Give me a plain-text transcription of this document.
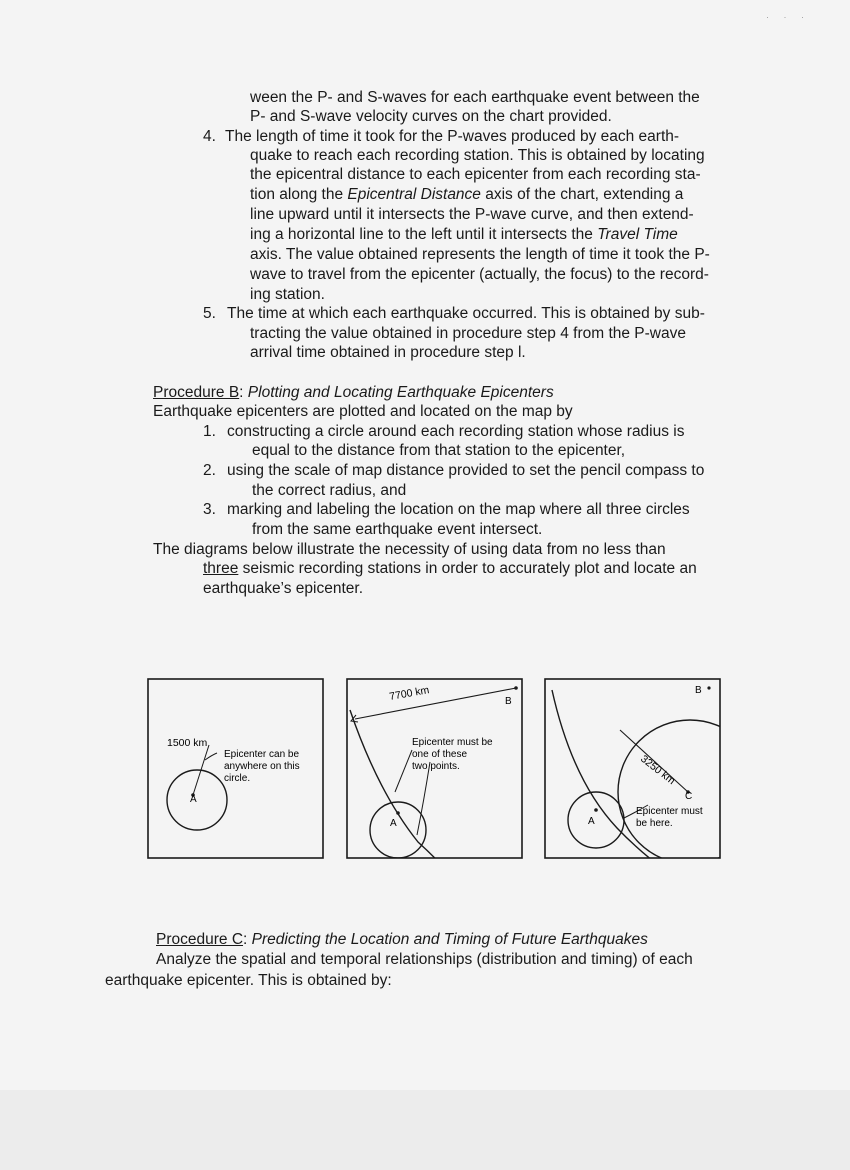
· · ·
ween the P- and S-waves for each earthquake event between the
P- and S-wave velocity curves on the chart provided.
4. The length of time it took for the P-waves produced by each earth-
quake to reach each recording station. This is obtained by locating
the epicentral distance to each epicenter from each recording sta-
tion along the Epicentral Distance axis of the chart, extending a
line upward until it intersects the P-wave curve, and then extend-
ing a horizontal line to the left until it intersects the Travel Time
axis. The value obtained represents the length of time it took the P-
wave to travel from the epicenter (actually, the focus) to the record-
ing station.
5. The time at which each earthquake occurred. This is obtained by sub-
tracting the value obtained in procedure step 4 from the P-wave
arrival time obtained in procedure step l.
Procedure B: Plotting and Locating Earthquake Epicenters
Earthquake epicenters are plotted and located on the map by
1. constructing a circle around each recording station whose radius is
equal to the distance from that station to the epicenter,
2. using the scale of map distance provided to set the pencil compass to
the correct radius, and
3. marking and labeling the location on the map where all three circles
from the same earthquake event intersect.
The diagrams below illustrate the necessity of using data from no less than
three seismic recording stations in order to accurately plot and locate an
earthquake’s epicenter.
1500 km
Epicenter can be
anywhere on this
circle.
A
7700 km	B
Epicenter must be
one of these
two points.
A
B
3250 km
C
Epicenter must
be here.
A
Procedure C: Predicting the Location and Timing of Future Earthquakes
Analyze the spatial and temporal relationships (distribution and timing) of each
earthquake epicenter. This is obtained by:
